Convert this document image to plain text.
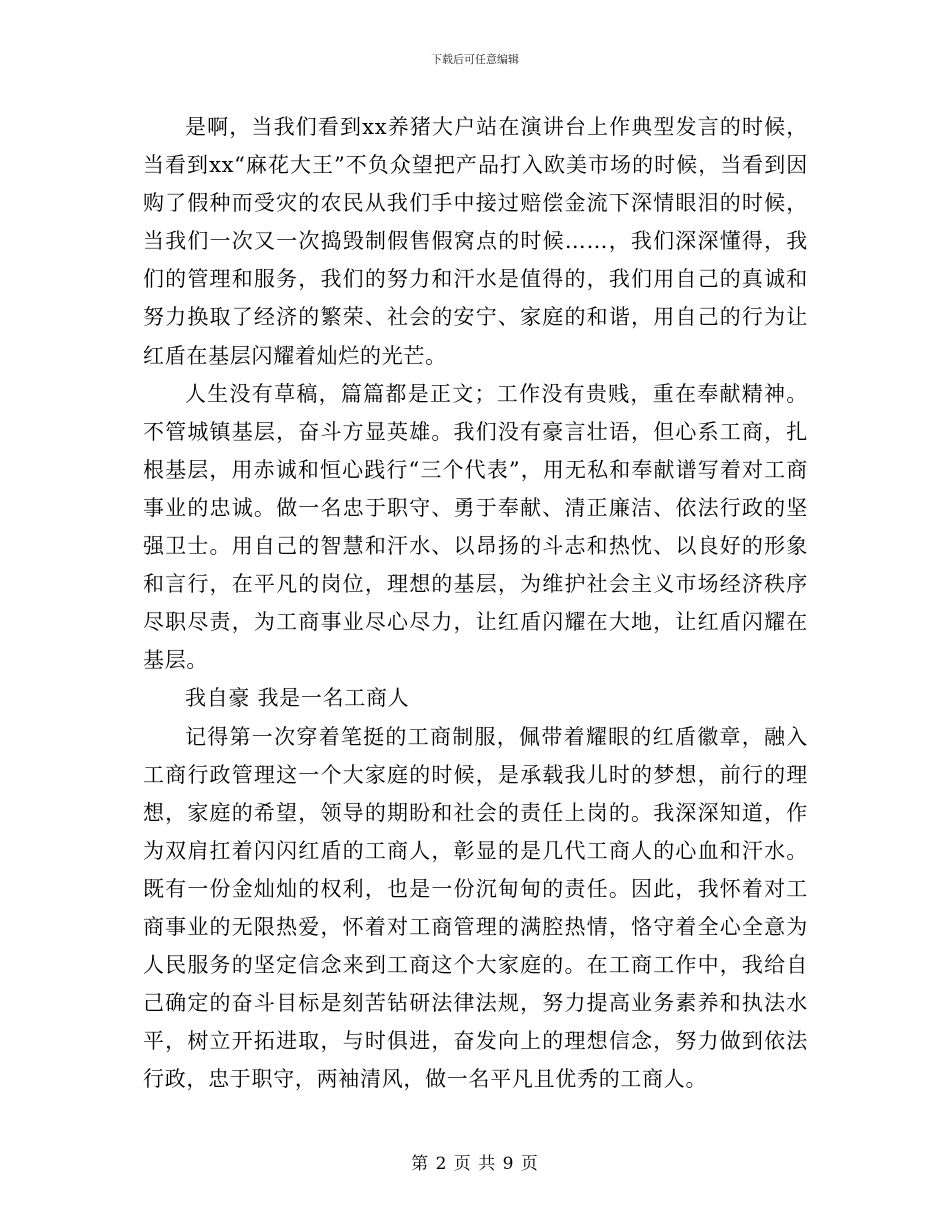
下载后可任意编辑

是啊，当我们看到xx养猪大户站在演讲台上作典型发言的时候，当看到xx“麻花大王”不负众望把产品打入欧美市场的时候，当看到因购了假种而受灾的农民从我们手中接过赔偿金流下深情眼泪的时候，当我们一次又一次捣毁制假售假窝点的时候……，我们深深懂得，我们的管理和服务，我们的努力和汗水是值得的，我们用自己的真诚和努力换取了经济的繁荣、社会的安宁、家庭的和谐，用自己的行为让红盾在基层闪耀着灿烂的光芒。

人生没有草稿，篇篇都是正文；工作没有贵贱，重在奉献精神。不管城镇基层，奋斗方显英雄。我们没有豪言壮语，但心系工商，扎根基层，用赤诚和恒心践行“三个代表”，用无私和奉献谱写着对工商事业的忠诚。做一名忠于职守、勇于奉献、清正廉洁、依法行政的坚强卫士。用自己的智慧和汗水、以昂扬的斗志和热忱、以良好的形象和言行，在平凡的岗位，理想的基层，为维护社会主义市场经济秩序尽职尽责，为工商事业尽心尽力，让红盾闪耀在大地，让红盾闪耀在基层。

我自豪 我是一名工商人

记得第一次穿着笔挺的工商制服，佩带着耀眼的红盾徽章，融入工商行政管理这一个大家庭的时候，是承载我儿时的梦想，前行的理想，家庭的希望，领导的期盼和社会的责任上岗的。我深深知道，作为双肩扛着闪闪红盾的工商人，彰显的是几代工商人的心血和汗水。既有一份金灿灿的权利，也是一份沉甸甸的责任。因此，我怀着对工商事业的无限热爱，怀着对工商管理的满腔热情，恪守着全心全意为人民服务的坚定信念来到工商这个大家庭的。在工商工作中，我给自己确定的奋斗目标是刻苦钻研法律法规，努力提高业务素养和执法水平，树立开拓进取，与时俱进，奋发向上的理想信念，努力做到依法行政，忠于职守，两袖清风，做一名平凡且优秀的工商人。

第 2 页 共 9 页
